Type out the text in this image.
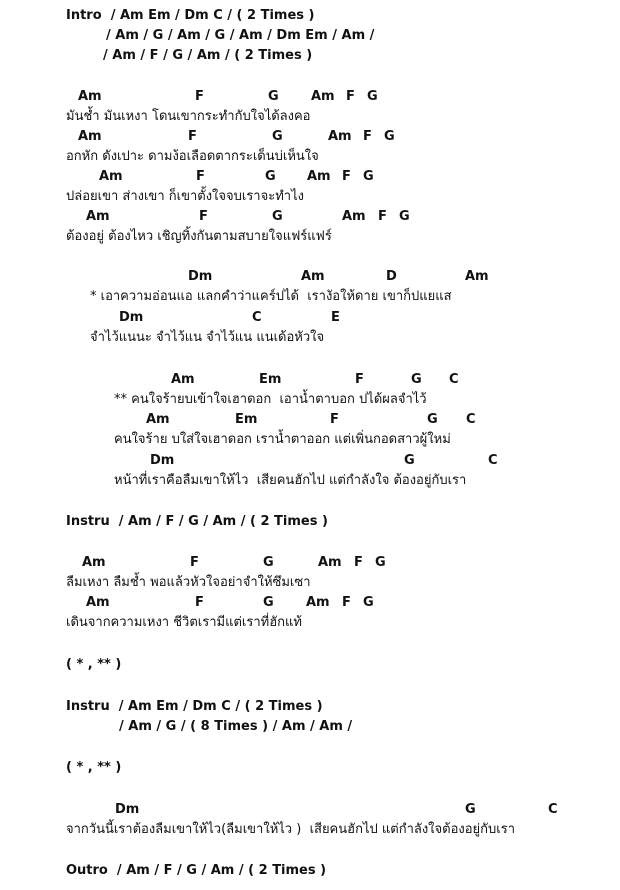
Intro  / Am Em / Dm C / ( 2 Times )
/ Am / G / Am / G / Am / Dm Em / Am /
/ Am / F / G / Am / ( 2 Times )
Am	F	G Am F G
มันช้ำ มันเหงา โดนเขากระทำกับใจได้ลงคอ
Am	F	G	Am F G
อกหัก ดังเปาะ ดามง้อเลือดตากระเด็นบ่เห็นใจ
Am	F	G Am F G
ปล่อยเขา ส่างเขา ก็เขาตั้งใจจบเราจะทำไง
Am	F	G	Am F G
ต้องอยู่ ต้องไหว เชิญทิ้งกันตามสบายใจแฟร์แฟร์
Dm	Am	D	Am
* เอาความอ่อนแอ แลกคำว่าแคร์ปได้  เรางัอให้ดาย เขาก็ปแยแส
Dm	C	E
จำไว้แนนะ จำไว้แน จำไว้แน แนเด้อหัวใจ
Am	Em	F	G C
** คนใจร้ายบเข้าใจเฮาดอก  เอาน้ำตาบอก ปได้ผลจำไว้
Am	Em	F	G C
คนใจร้าย บใส่ใจเฮาดอก เราน้ำตาออก แต่เพิ่นกอดสาวผู้ใหม่
Dm	G	C
หน้าที่เราคือลืมเขาให้ไว  เสียคนฮักไป แต่กำลังใจ ต้องอยู่กับเรา
Instru  / Am / F / G / Am / ( 2 Times )
Am	F	G	Am F G
ลืมเหงา ลืมช้ำ พอแล้วหัวใจอย่าจำให้ซึมเซา
Am	F	G Am F G
เดินจากความเหงา ชีวิตเรามีแต่เราที่ฮักแท้
( * , ** )
Instru  / Am Em / Dm C / ( 2 Times )
/ Am / G / ( 8 Times ) / Am / Am /
( * , ** )
Dm	G	C
จากวันนี้เราต้องลืมเขาให้ไว(ลืมเขาให้ไว )  เสียคนฮักไป แต่กำลังใจต้องอยู่กับเรา
Outro  / Am / F / G / Am / ( 2 Times )
